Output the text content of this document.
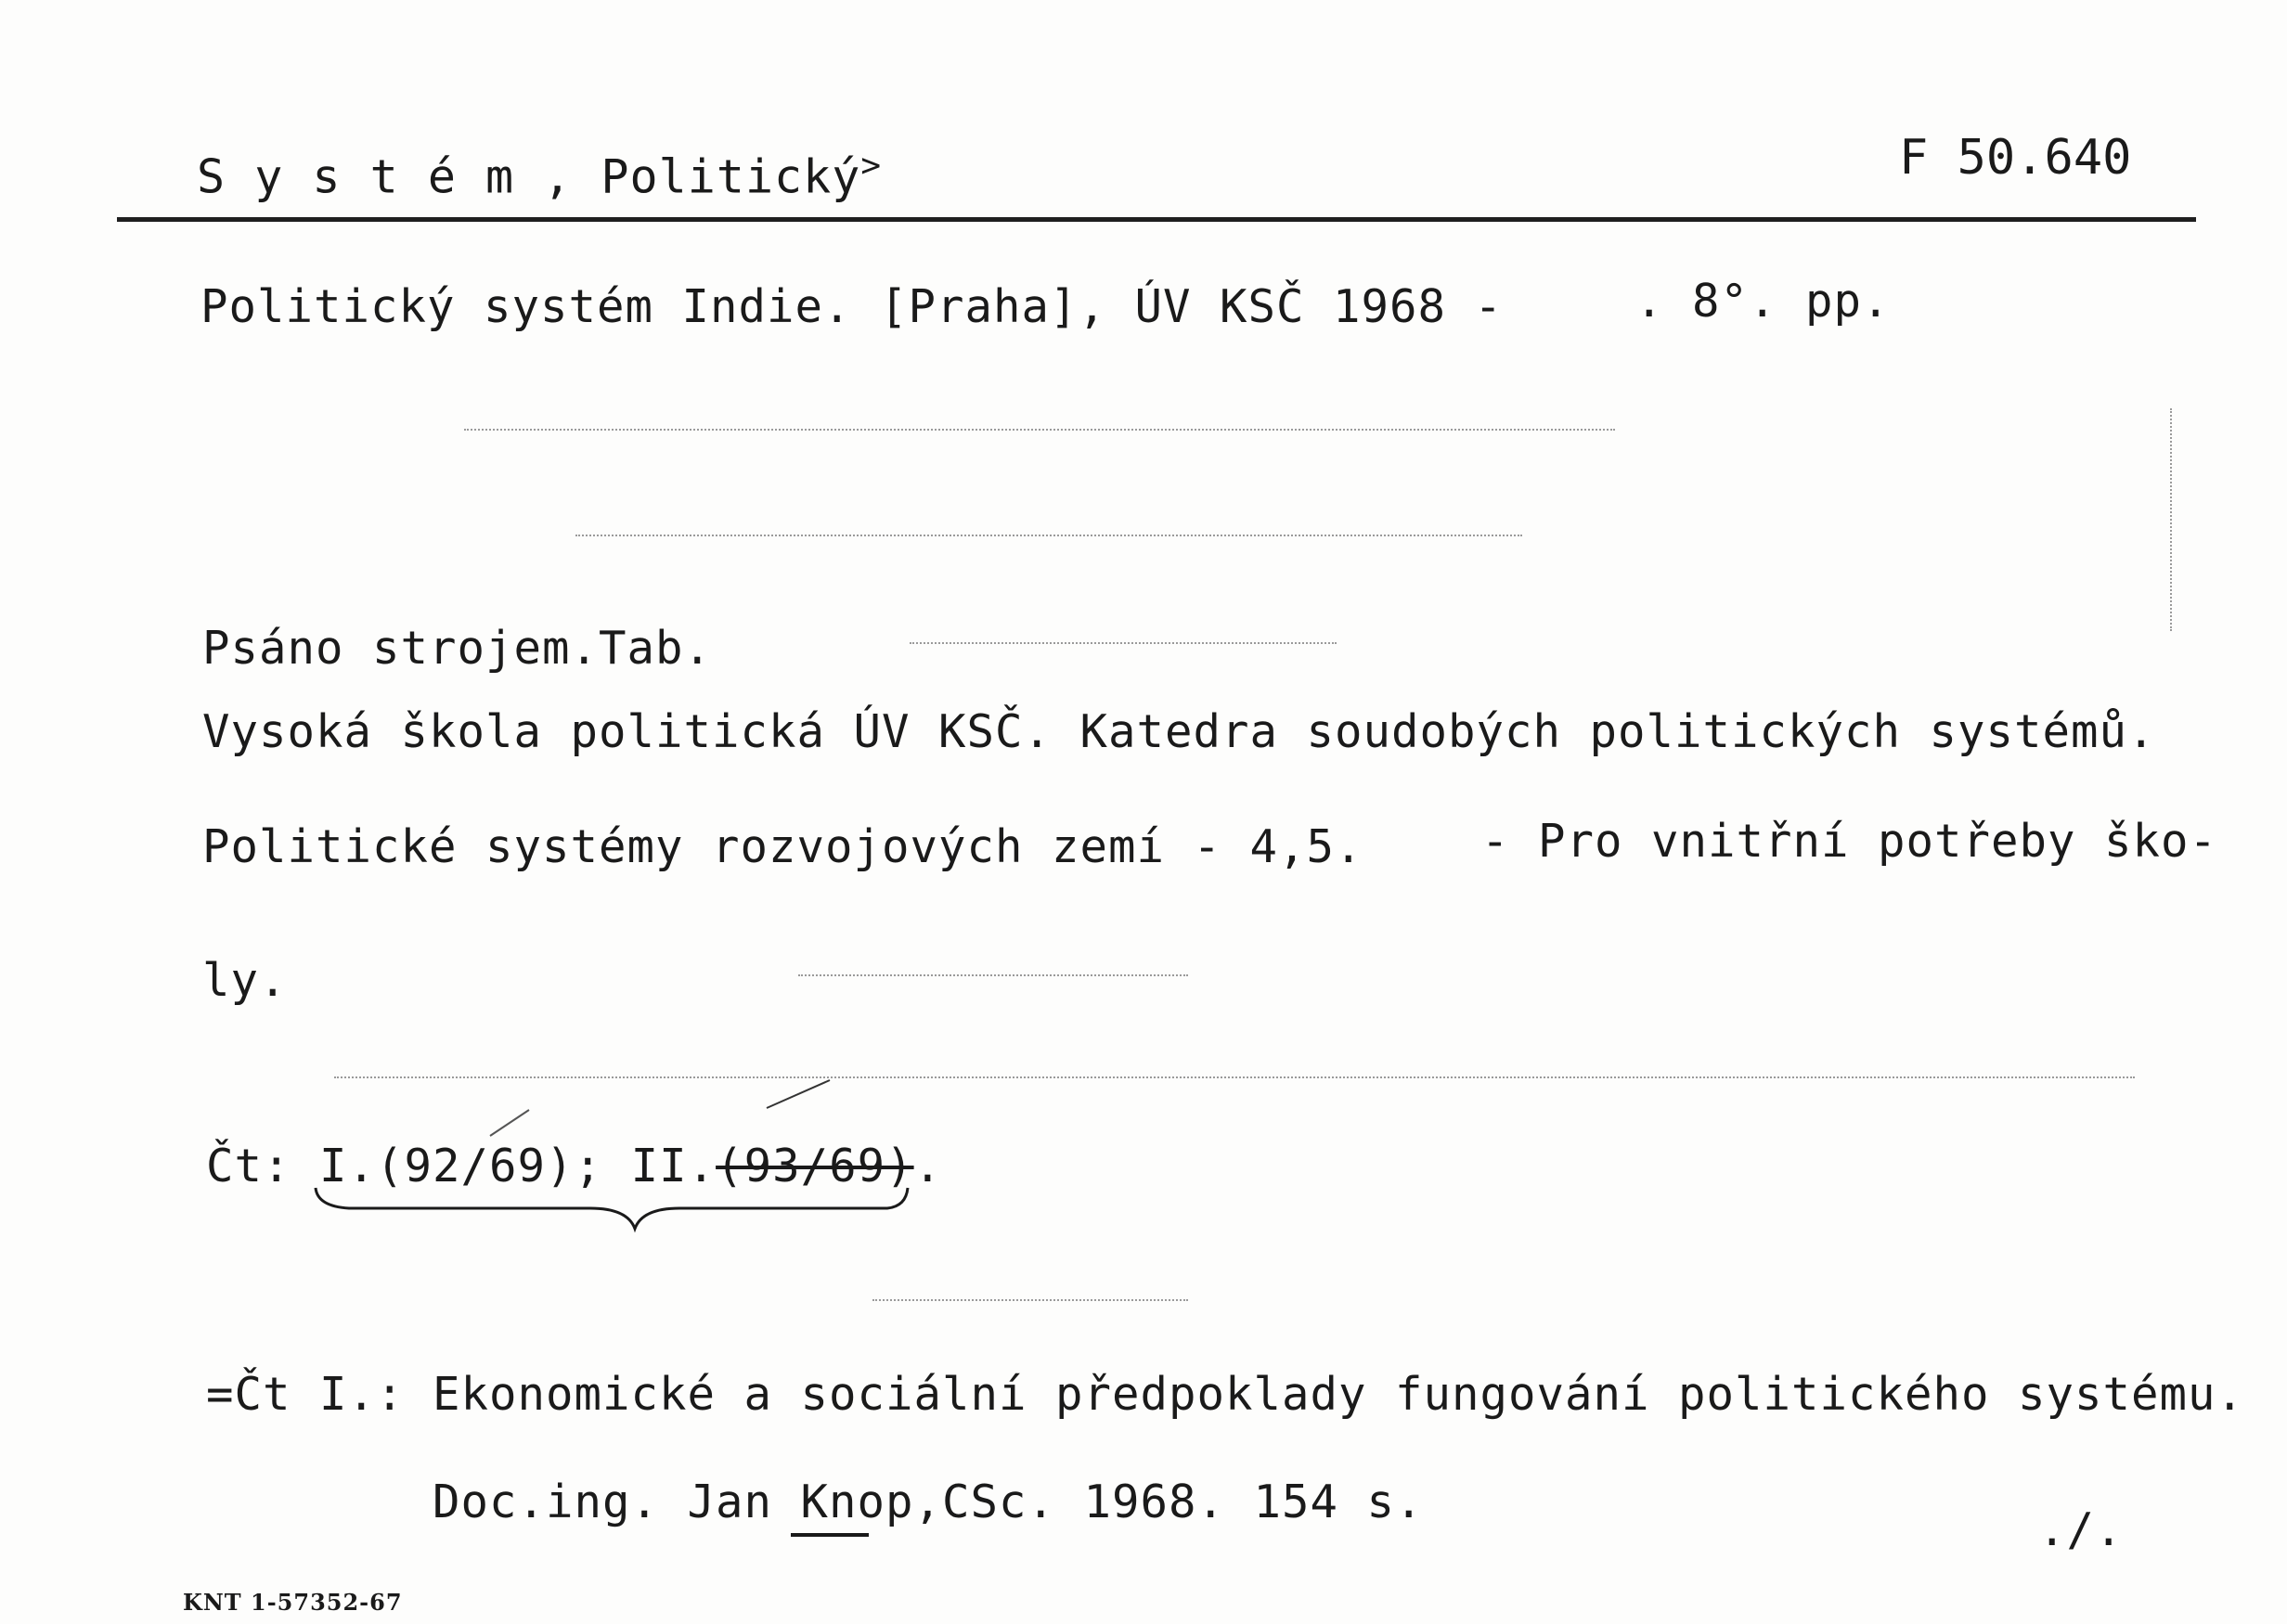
S y s t é m , Politický>	F 50.640
Politický systém Indie. [Praha], ÚV KSČ 1968 -	. 8°. pp.
Psáno strojem.Tab.
Vysoká škola politická ÚV KSČ. Katedra soudobých politických systémů.
Politické systémy rozvojových zemí - 4,5.	- Pro vnitřní potřeby ško-
ly.
Čt: I.(92/69); II.(93/69).
=Čt I.: Ekonomické a sociální předpoklady fungování politického systému.
Doc.ing. Jan Knop,CSc. 1968. 154 s.
./.
KNT 1-57352-67
